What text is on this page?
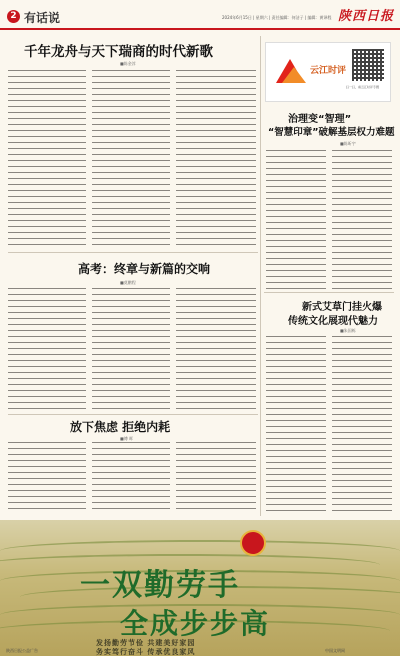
2 有话说	2024年6月15日 | 星期六 | 责任编辑：何洁子 | 编辑：黄译程 陕西日报
千年龙舟与天下瑞商的时代新歌
■陈金淳
高考：终章与新篇的交响
■莫鹏程
放下焦虑 拒绝内耗
■傅 晖
云江时评
扫一扫，看云江时评专题
治理变“智理”
“智慧印章”破解基层权力难题
■陈昕宇
新式艾草门挂火爆
传统文化展现代魅力
■朱国栋
一双勤劳手
全成步步高
发扬勤劳节俭 共建美好家园
务实笃行奋斗 传承优良家风
陕西日报公益广告	中国文明网
